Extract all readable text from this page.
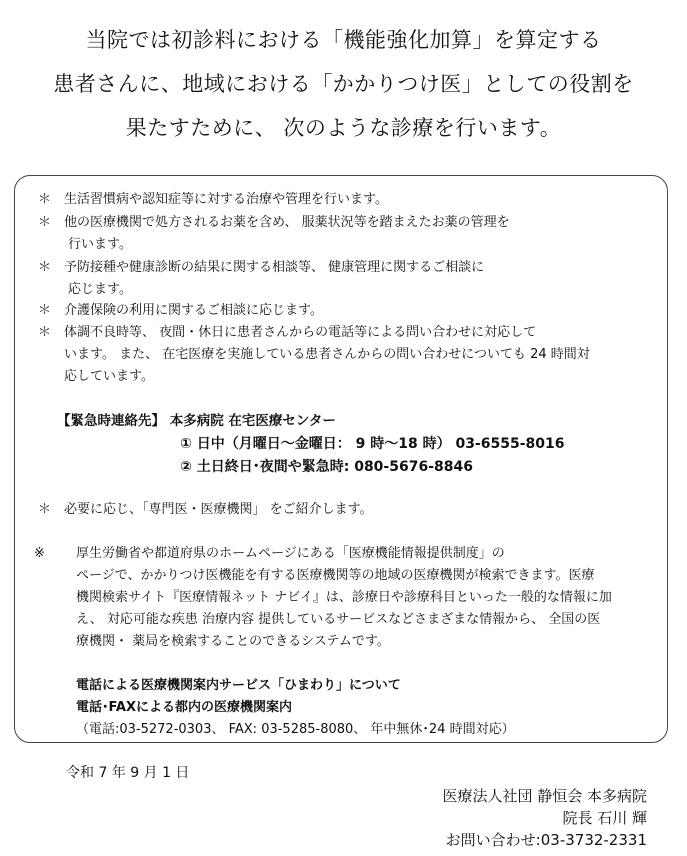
当院では初診料における「機能強化加算」を算定する
患者さんに、地域における「かかりつけ医」としての役割を
果たすために、 次のような診療を行います。
＊ 生活習慣病や認知症等に対する治療や管理を行います。
＊ 他の医療機関で処方されるお薬を含め、 服薬状況等を踏まえたお薬の管理を
行います。
＊ 予防接種や健康診断の結果に関する相談等、 健康管理に関するご相談に
応じます。
＊ 介護保険の利用に関するご相談に応じます。
＊ 体調不良時等、 夜間・休日に患者さんからの電話等による問い合わせに対応して
います。 また、 在宅医療を実施している患者さんからの問い合わせについても 24 時間対
応しています。
【緊急時連絡先】 本多病院 在宅医療センター
① 日中（月曜日～金曜日： 9 時～18 時） 03-6555-8016
② 土日終日･夜間や緊急時: 080-5676-8846
＊ 必要に応じ、「専門医・医療機関」 をご紹介します。
※	厚生労働省や都道府県のホームページにある「医療機能情報提供制度」の
ページで、かかりつけ医機能を有する医療機関等の地域の医療機関が検索できます。医療
機関検索サイト『医療情報ネット ナビイ』は、診療日や診療科目といった一般的な情報に加
え、 対応可能な疾患 治療内容 提供しているサービスなどさまざまな情報から、 全国の医
療機関・ 薬局を検索することのできるシステムです。
電話による医療機関案内サービス「ひまわり」について
電話･FAXによる都内の医療機関案内
（電話:03-5272-0303、 FAX: 03-5285-8080、 年中無休･24 時間対応）
令和 7 年 9 月 1 日
医療法人社団 静恒会 本多病院
院長 石川 輝
お問い合わせ:03-3732-2331
